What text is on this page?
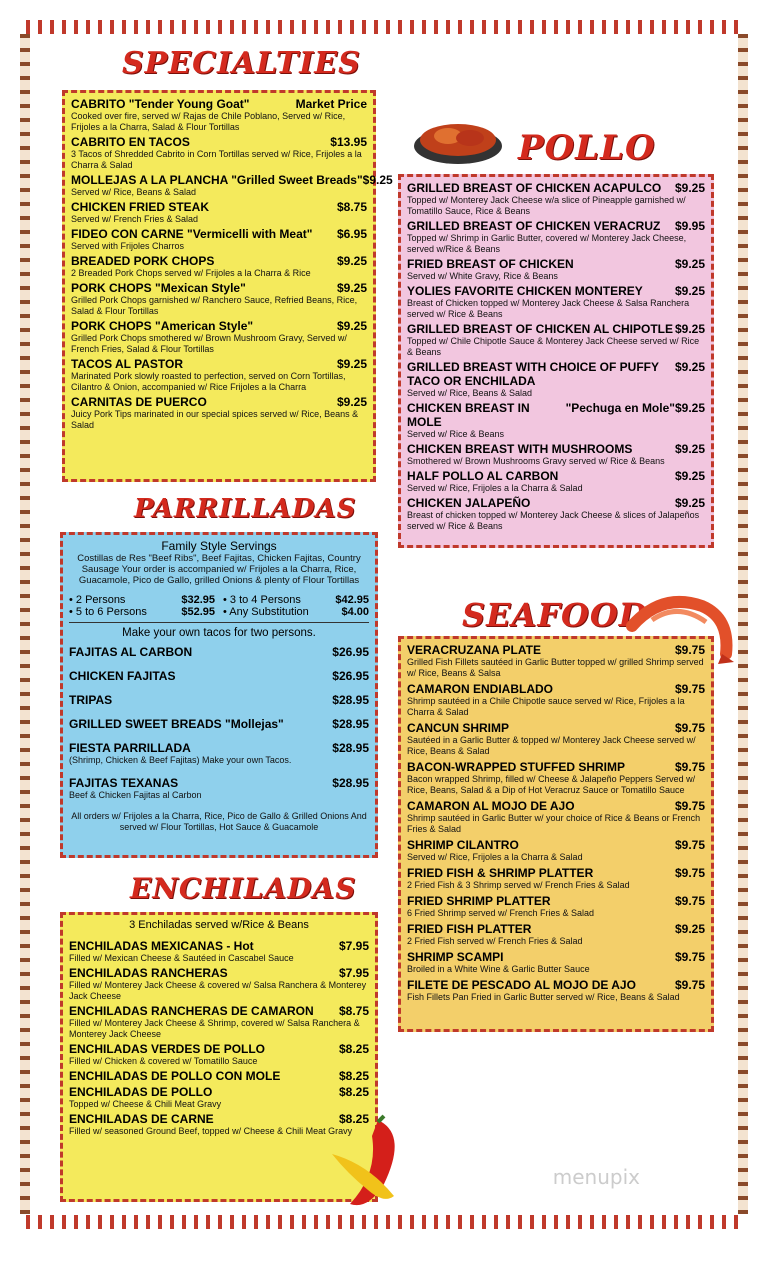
SPECIALTIES
CABRITO "Tender Young Goat"	Market Price
Cooked over fire, served w/ Rajas de Chile Poblano, Served w/ Rice, Frijoles a la Charra, Salad & Flour Tortillas
CABRITO EN TACOS	$13.95
3 Tacos of Shredded Cabrito in Corn Tortillas served w/ Rice, Frijoles a la Charra & Salad
MOLLEJAS A LA PLANCHA "Grilled Sweet Breads" $9.25
Served w/ Rice, Beans & Salad
CHICKEN FRIED STEAK	$8.75
Served w/ French Fries & Salad
FIDEO CON CARNE "Vermicelli with Meat" $6.95
Served with Frijoles Charros
BREADED PORK CHOPS	$9.25
2 Breaded Pork Chops served w/ Frijoles a la Charra & Rice
PORK CHOPS "Mexican Style"	$9.25
Grilled Pork Chops garnished w/ Ranchero Sauce, Refried Beans, Rice, Salad & Flour Tortillas
PORK CHOPS "American Style"	$9.25
Grilled Pork Chops smothered w/ Brown Mushroom Gravy, Served w/ French Fries, Salad & Flour Tortillas
TACOS AL PASTOR	$9.25
Marinated Pork slowly roasted to perfection, served on Corn Tortillas, Cilantro & Onion, accompanied w/ Rice Frijoles a la Charra
CARNITAS DE PUERCO	$9.25
Juicy Pork Tips marinated in our special spices served w/ Rice, Beans & Salad
POLLO
GRILLED BREAST OF CHICKEN ACAPULCO $9.25
Topped w/ Monterey Jack Cheese w/a slice of Pineapple garnished w/ Tomatillo Sauce, Rice & Beans
GRILLED BREAST OF CHICKEN VERACRUZ $9.95
Topped w/ Shrimp in Garlic Butter, covered w/ Monterey Jack Cheese, served w/Rice & Beans
FRIED BREAST OF CHICKEN	$9.25
Served w/ White Gravy, Rice & Beans
YOLIES FAVORITE CHICKEN MONTEREY	$9.25
Breast of Chicken topped w/ Monterey Jack Cheese & Salsa Ranchera served w/ Rice & Beans
GRILLED BREAST OF CHICKEN AL CHIPOTLE $9.25
Topped w/ Chile Chipotle Sauce & Monterey Jack Cheese served w/ Rice & Beans
GRILLED BREAST WITH CHOICE OF PUFFY TACO OR ENCHILADA
$9.25
Served w/ Rice, Beans & Salad
CHICKEN BREAST IN MOLE
"Pechuga en Mole" $9.25
Served w/ Rice & Beans
CHICKEN BREAST WITH MUSHROOMS	$9.25
Smothered w/ Brown Mushrooms Gravy served w/ Rice & Beans
HALF POLLO AL CARBON	$9.25
Served w/ Rice, Frijoles a la Charra & Salad
CHICKEN JALAPEÑO	$9.25
Breast of chicken topped w/ Monterey Jack Cheese & slices of Jalapeños served w/ Rice & Beans
PARRILLADAS
Family Style Servings
Costillas de Res "Beef Ribs", Beef Fajitas, Chicken Fajitas, Country Sausage Your order is accompanied w/ Frijoles a la Charra, Rice, Guacamole, Pico de Gallo, grilled Onions & plenty of Flour Tortillas
• 2 Persons	$32.95 • 3 to 4 Persons	$42.95
• 5 to 6 Persons	$52.95 • Any Substitution	$4.00
Make your own tacos for two persons.
FAJITAS AL CARBON	$26.95
CHICKEN FAJITAS	$26.95
TRIPAS	$28.95
GRILLED SWEET BREADS "Mollejas"	$28.95
FIESTA PARRILLADA	$28.95
(Shrimp, Chicken & Beef Fajitas) Make your own Tacos.
FAJITAS TEXANAS	$28.95
Beef & Chicken Fajitas al Carbon
All orders w/ Frijoles a la Charra, Rice, Pico de Gallo & Grilled Onions And served w/ Flour Tortillas, Hot Sauce & Guacamole
SEAFOOD
VERACRUZANA PLATE	$9.75
Grilled Fish Fillets sautéed in Garlic Butter topped w/ grilled Shrimp served w/ Rice, Beans & Salsa
CAMARON ENDIABLADO	$9.75
Shrimp sautéed in a Chile Chipotle sauce served w/ Rice, Frijoles a la Charra & Salad
CANCUN SHRIMP	$9.75
Sautéed in a Garlic Butter & topped w/ Monterey Jack Cheese served w/ Rice, Beans & Salad
BACON-WRAPPED STUFFED SHRIMP	$9.75
Bacon wrapped Shrimp, filled w/ Cheese & Jalapeño Peppers Served w/ Rice, Beans, Salad & a Dip of Hot Veracruz Sauce or Tomatillo Sauce
CAMARON AL MOJO DE AJO	$9.75
Shrimp sautéed in Garlic Butter w/ your choice of Rice & Beans or French Fries & Salad
SHRIMP CILANTRO	$9.75
Served w/ Rice, Frijoles a la Charra & Salad
FRIED FISH & SHRIMP PLATTER	$9.75
2 Fried Fish & 3 Shrimp served w/ French Fries & Salad
FRIED SHRIMP PLATTER	$9.75
6 Fried Shrimp served w/ French Fries & Salad
FRIED FISH PLATTER	$9.25
2 Fried Fish served w/ French Fries & Salad
SHRIMP SCAMPI	$9.75
Broiled in a White Wine & Garlic Butter Sauce
FILETE DE PESCADO AL MOJO DE AJO	$9.75
Fish Fillets Pan Fried in Garlic Butter served w/ Rice, Beans & Salad
ENCHILADAS
3 Enchiladas served w/Rice & Beans
ENCHILADAS MEXICANAS - Hot	$7.95
Filled w/ Mexican Cheese & Sautéed in Cascabel Sauce
ENCHILADAS RANCHERAS	$7.95
Filled w/ Monterey Jack Cheese & covered w/ Salsa Ranchera & Monterey Jack Cheese
ENCHILADAS RANCHERAS DE CAMARON $8.75
Filled w/ Monterey Jack Cheese & Shrimp, covered w/ Salsa Ranchera & Monterey Jack Cheese
ENCHILADAS VERDES DE POLLO	$8.25
Filled w/ Chicken & covered w/ Tomatillo Sauce
ENCHILADAS DE POLLO CON MOLE	$8.25
ENCHILADAS DE POLLO	$8.25
Topped w/ Cheese & Chili Meat Gravy
ENCHILADAS DE CARNE	$8.25
Filled w/ seasoned Ground Beef, topped w/ Cheese & Chili Meat Gravy
menupix
